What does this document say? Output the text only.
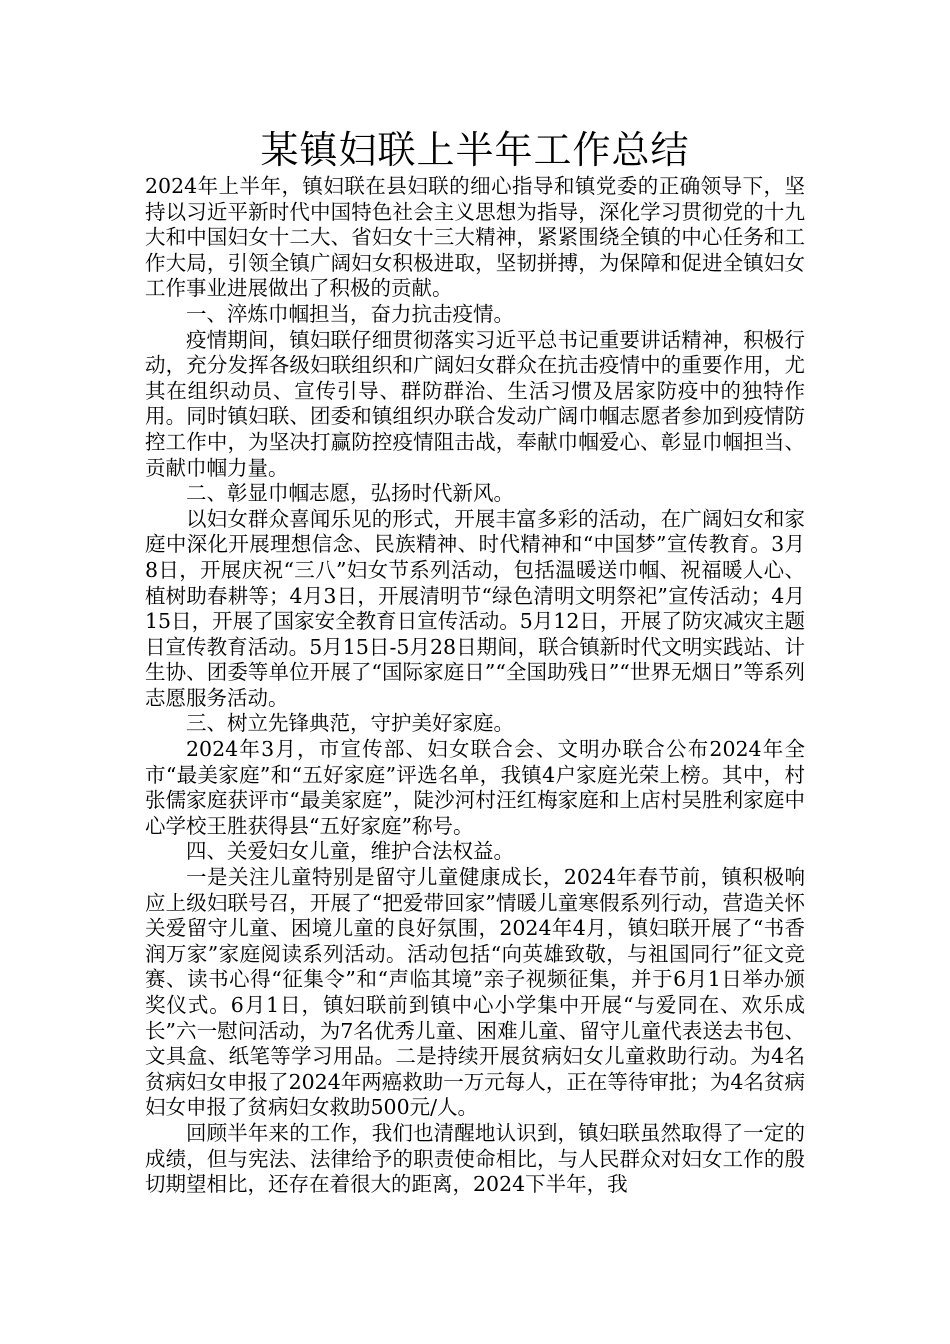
某镇妇联上半年工作总结

2024年上半年，镇妇联在县妇联的细心指导和镇党委的正确领导下，坚持以习近平新时代中国特色社会主义思想为指导，深化学习贯彻党的十九大和中国妇女十二大、省妇女十三大精神，紧紧围绕全镇的中心任务和工作大局，引领全镇广阔妇女积极进取，坚韧拼搏，为保障和促进全镇妇女工作事业进展做出了积极的贡献。

一、淬炼巾帼担当，奋力抗击疫情。

疫情期间，镇妇联仔细贯彻落实习近平总书记重要讲话精神，积极行动，充分发挥各级妇联组织和广阔妇女群众在抗击疫情中的重要作用，尤其在组织动员、宣传引导、群防群治、生活习惯及居家防疫中的独特作用。同时镇妇联、团委和镇组织办联合发动广阔巾帼志愿者参加到疫情防控工作中，为坚决打赢防控疫情阻击战，奉献巾帼爱心、彰显巾帼担当、贡献巾帼力量。

二、彰显巾帼志愿，弘扬时代新风。

以妇女群众喜闻乐见的形式，开展丰富多彩的活动，在广阔妇女和家庭中深化开展理想信念、民族精神、时代精神和“中国梦”宣传教育。3月8日，开展庆祝“三八”妇女节系列活动，包括温暖送巾帼、祝福暖人心、植树助春耕等；4月3日，开展清明节“绿色清明文明祭祀”宣传活动；4月15日，开展了国家安全教育日宣传活动。5月12日，开展了防灾减灾主题日宣传教育活动。5月15日-5月28日期间，联合镇新时代文明实践站、计生协、团委等单位开展了“国际家庭日”“全国助残日”“世界无烟日”等系列志愿服务活动。

三、树立先锋典范，守护美好家庭。

2024年3月，市宣传部、妇女联合会、文明办联合公布2024年全市“最美家庭”和“五好家庭”评选名单，我镇4户家庭光荣上榜。其中，村张儒家庭获评市“最美家庭”，陡沙河村汪红梅家庭和上店村吴胜利家庭中心学校王胜获得县“五好家庭”称号。

四、关爱妇女儿童，维护合法权益。

一是关注儿童特别是留守儿童健康成长，2024年春节前，镇积极响应上级妇联号召，开展了“把爱带回家”情暖儿童寒假系列行动，营造关怀关爱留守儿童、困境儿童的良好氛围，2024年4月，镇妇联开展了“书香润万家”家庭阅读系列活动。活动包括“向英雄致敬，与祖国同行”征文竞赛、读书心得“征集令”和“声临其境”亲子视频征集，并于6月1日举办颁奖仪式。6月1日，镇妇联前到镇中心小学集中开展“与爱同在、欢乐成长”六一慰问活动，为7名优秀儿童、困难儿童、留守儿童代表送去书包、文具盒、纸笔等学习用品。二是持续开展贫病妇女儿童救助行动。为4名贫病妇女申报了2024年两癌救助一万元每人，正在等待审批；为4名贫病妇女申报了贫病妇女救助500元/人。

回顾半年来的工作，我们也清醒地认识到，镇妇联虽然取得了一定的成绩，但与宪法、法律给予的职责使命相比，与人民群众对妇女工作的殷切期望相比，还存在着很大的距离，2024下半年，我
